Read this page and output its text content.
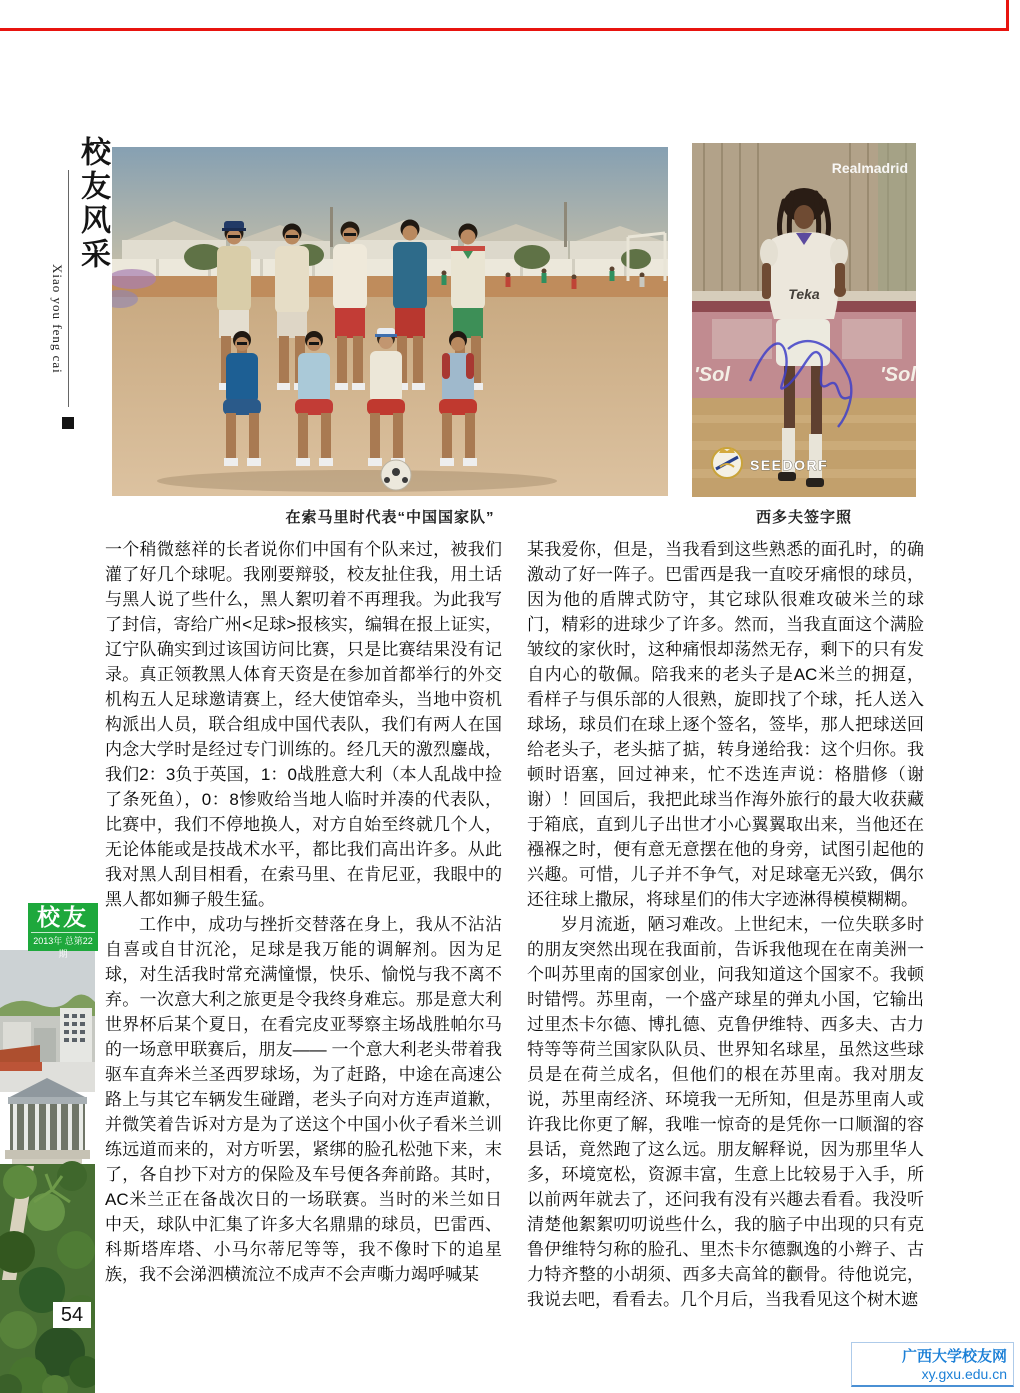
校友风采
Xiao you feng cai
'Sol	'Sol
Teka
Realmadrid
SEEDORF
在索马里时代表“中国国家队”	西多夫签字照

一个稍微慈祥的长者说你们中国有个队来过，被我们灌了好几个球呢。我刚要辩驳，校友扯住我，用土话与黑人说了些什么，黑人絮叨着不再理我。为此我写了封信，寄给广州<足球>报核实，编辑在报上证实，辽宁队确实到过该国访问比赛，只是比赛结果没有记录。真正领教黑人体育天资是在参加首都举行的外交机构五人足球邀请赛上，经大使馆牵头，当地中资机构派出人员，联合组成中国代表队，我们有两人在国内念大学时是经过专门训练的。经几天的激烈鏖战，我们2：3负于英国，1：0战胜意大利（本人乱战中捡了条死鱼），0：8惨败给当地人临时并凑的代表队，比赛中，我们不停地换人，对方自始至终就几个人，无论体能或是技战术水平，都比我们高出许多。从此我对黑人刮目相看，在索马里、在肯尼亚，我眼中的黑人都如狮子般生猛。

工作中，成功与挫折交替落在身上，我从不沾沾自喜或自甘沉沦，足球是我万能的调解剂。因为足球，对生活我时常充满憧憬，快乐、愉悦与我不离不弃。一次意大利之旅更是令我终身难忘。那是意大利世界杯后某个夏日，在看完皮亚琴察主场战胜帕尔马的一场意甲联赛后，朋友—— 一个意大利老头带着我驱车直奔米兰圣西罗球场，为了赶路，中途在高速公路上与其它车辆发生碰蹭，老头子向对方连声道歉，并微笑着告诉对方是为了送这个中国小伙子看米兰训练远道而来的，对方听罢，紧绑的脸孔松弛下来，末了，各自抄下对方的保险及车号便各奔前路。其时，AC米兰正在备战次日的一场联赛。当时的米兰如日中天，球队中汇集了许多大名鼎鼎的球员，巴雷西、科斯塔库塔、小马尔蒂尼等等，我不像时下的追星族，我不会涕泗横流泣不成声不会声嘶力竭呼喊某

某我爱你，但是，当我看到这些熟悉的面孔时，的确激动了好一阵子。巴雷西是我一直咬牙痛恨的球员，因为他的盾牌式防守，其它球队很难攻破米兰的球门，精彩的进球少了许多。然而，当我直面这个满脸皱纹的家伙时，这种痛恨却荡然无存，剩下的只有发自内心的敬佩。陪我来的老头子是AC米兰的拥趸，看样子与俱乐部的人很熟，旋即找了个球，托人送入球场，球员们在球上逐个签名，签毕，那人把球送回给老头子，老头掂了掂，转身递给我：这个归你。我顿时语塞，回过神来，忙不迭连声说：格腊修（谢谢）！回国后，我把此球当作海外旅行的最大收获藏于箱底，直到儿子出世才小心翼翼取出来，当他还在襁褓之时，便有意无意摆在他的身旁，试图引起他的兴趣。可惜，儿子并不争气，对足球毫无兴致，偶尔还往球上撒尿，将球星们的伟大字迹淋得模模糊糊。

岁月流逝，陋习难改。上世纪末，一位失联多时的朋友突然出现在我面前，告诉我他现在在南美洲一个叫苏里南的国家创业，问我知道这个国家不。我顿时错愕。苏里南，一个盛产球星的弹丸小国，它输出过里杰卡尔德、博扎德、克鲁伊维特、西多夫、古力特等等荷兰国家队队员、世界知名球星，虽然这些球员是在荷兰成名，但他们的根在苏里南。我对朋友说，苏里南经济、环境我一无所知，但是苏里南人或许我比你更了解，我唯一惊奇的是凭你一口顺溜的容县话，竟然跑了这么远。朋友解释说，因为那里华人多，环境宽松，资源丰富，生意上比较易于入手，所以前两年就去了，还问我有没有兴趣去看看。我没听清楚他絮絮叨叨说些什么，我的脑子中出现的只有克鲁伊维特匀称的脸孔、里杰卡尔德飘逸的小辫子、古力特齐整的小胡须、西多夫高耸的颧骨。待他说完，我说去吧，看看去。几个月后，当我看见这个树木遮

校友
2013年 总第22期
54
广西大学校友网
xy.gxu.edu.cn
